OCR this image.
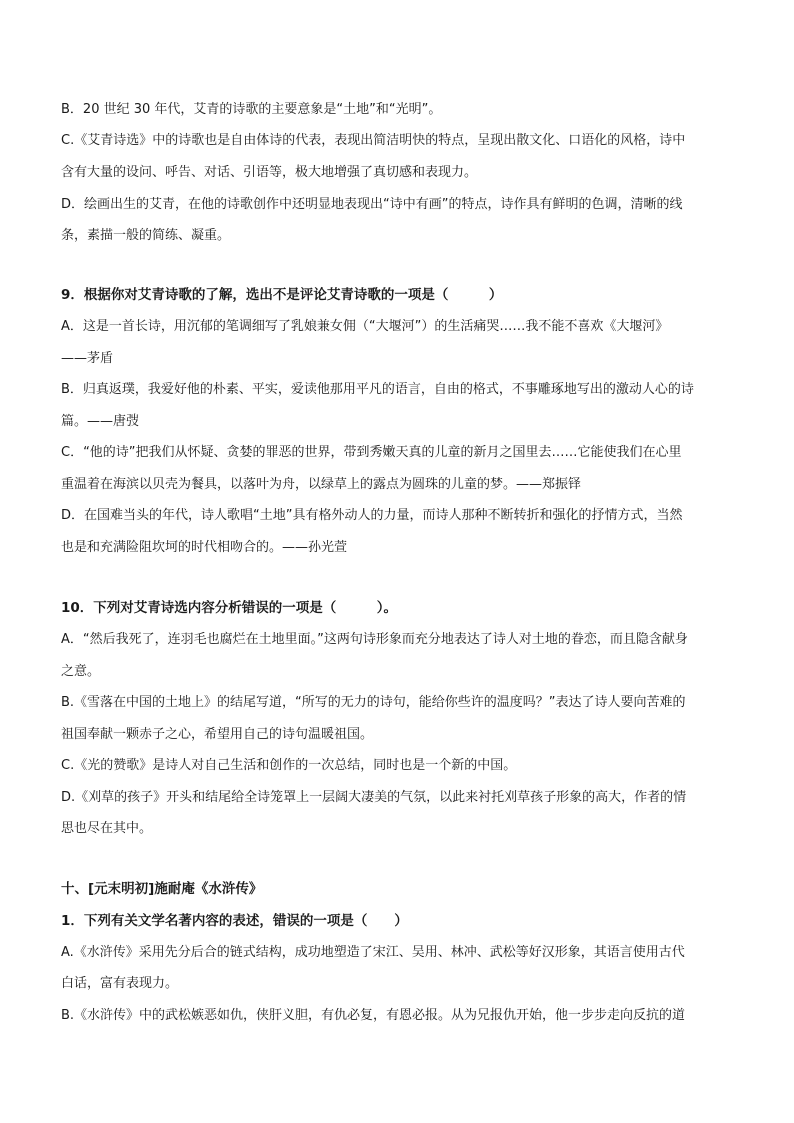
B．20 世纪 30 年代，艾青的诗歌的主要意象是“土地”和“光明”。
C.《艾青诗选》中的诗歌也是自由体诗的代表，表现出简洁明快的特点，呈现出散文化、口语化的风格，诗中
含有大量的设问、呼告、对话、引语等，极大地增强了真切感和表现力。
D．绘画出生的艾青，在他的诗歌创作中还明显地表现出“诗中有画”的特点，诗作具有鲜明的色调，清晰的线
条，素描一般的简练、凝重。
9．根据你对艾青诗歌的了解，选出不是评论艾青诗歌的一项是（　　　）
A．这是一首长诗，用沉郁的笔调细写了乳娘兼女佣（“大堰河”）的生活痛哭……我不能不喜欢《大堰河》
——茅盾
B．归真返璞，我爱好他的朴素、平实，爱读他那用平凡的语言，自由的格式，不事雕琢地写出的激动人心的诗
篇。——唐弢
C．“他的诗”把我们从怀疑、贪婪的罪恶的世界，带到秀嫩天真的儿童的新月之国里去……它能使我们在心里
重温着在海滨以贝壳为餐具，以落叶为舟，以绿草上的露点为圆珠的儿童的梦。——郑振铎
D．在国难当头的年代，诗人歌唱“土地”具有格外动人的力量，而诗人那种不断转折和强化的抒情方式，当然
也是和充满险阻坎坷的时代相吻合的。——孙光萱
10．下列对艾青诗选内容分析错误的一项是（　　　）。
A．“然后我死了，连羽毛也腐烂在土地里面。”这两句诗形象而充分地表达了诗人对土地的眷恋，而且隐含献身
之意。
B.《雪落在中国的土地上》的结尾写道，“所写的无力的诗句，能给你些许的温度吗？”表达了诗人要向苦难的
祖国奉献一颗赤子之心，希望用自己的诗句温暖祖国。
C.《光的赞歌》是诗人对自己生活和创作的一次总结，同时也是一个新的中国。
D.《刈草的孩子》开头和结尾给全诗笼罩上一层阔大凄美的气氛，以此来衬托刈草孩子形象的高大，作者的情
思也尽在其中。
十、[元末明初]施耐庵《水浒传》
1．下列有关文学名著内容的表述，错误的一项是（　　）
A.《水浒传》采用先分后合的链式结构，成功地塑造了宋江、吴用、林冲、武松等好汉形象，其语言使用古代
白话，富有表现力。
B.《水浒传》中的武松嫉恶如仇，侠肝义胆，有仇必复，有恩必报。从为兄报仇开始，他一步步走向反抗的道
